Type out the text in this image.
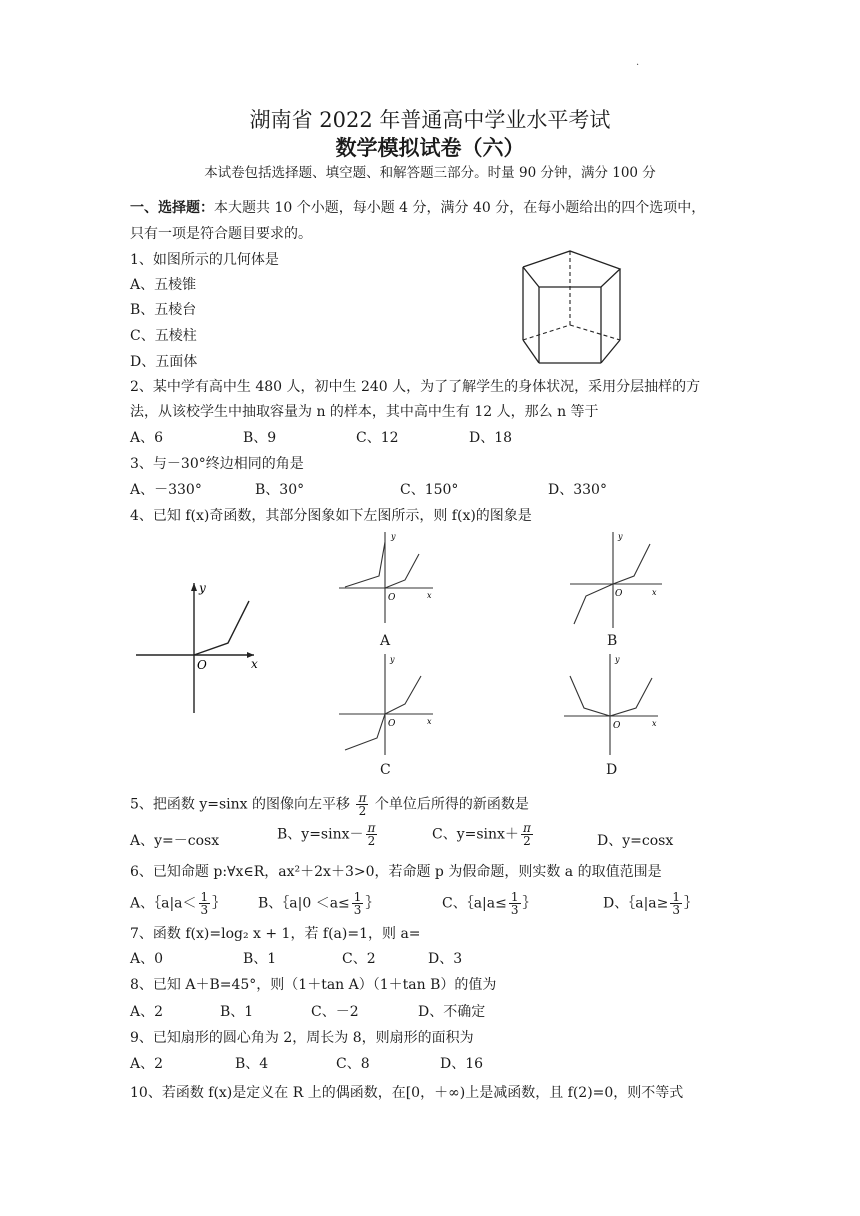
·
湖南省 2022 年普通高中学业水平考试
数学模拟试卷（六）
本试卷包括选择题、填空题、和解答题三部分。时量 90 分钟，满分 100 分
一、选择题：本大题共 10 个小题，每小题 4 分，满分 40 分，在每小题给出的四个选项中，
只有一项是符合题目要求的。
1、如图所示的几何体是
A、五棱锥
B、五棱台
C、五棱柱
D、五面体
2、某中学有高中生 480 人，初中生 240 人，为了了解学生的身体状况，采用分层抽样的方
法，从该校学生中抽取容量为 n 的样本，其中高中生有 12 人，那么 n 等于
A、6	B、9	C、12	D、18
3、与－30°终边相同的角是
A、－330°	B、30°	C、150°	D、330°
4、已知 f(x)奇函数，其部分图象如下左图所示，则 f(x)的图象是
y
x
O
y
x
O
A
y
x
O
B
y
x
O
C
y
x
O
D
5、把函数 y=sinx 的图像向左平移 $\frac{\pi}{2}$ 个单位后所得的新函数是
A、y=－cosx	B、$y=\sin x- \frac{\pi}{2}$	C、$y=\sin x+ \frac{\pi}{2}$	D、y=cosx
6、已知命题 p:∀x∈R，ax²＋2x＋3>0，若命题 p 为假命题，则实数 a 的取值范围是
A、｛a|a＜ $\frac{1}{3}$ ｝ B、｛a|0 $<a\le \frac{1}{3}$ ｝	C、｛a|a≤ $\frac{1}{3}$ ｝	D、｛a|a≥ $\frac{1}{3}$ ｝
7、函数 f(x)=log₂ x + 1，若 f(a)=1，则 a=
A、0	B、1	C、2	D、3
8、已知 A＋B=45°，则（1＋tan A）（1＋tan B）的值为
A、2	B、1	C、－2	D、不确定
9、已知扇形的圆心角为 2，周长为 8，则扇形的面积为
A、2	B、4	C、8	D、16
10、若函数 f(x)是定义在 R 上的偶函数，在[0，＋∞)上是减函数，且 f(2)=0，则不等式
